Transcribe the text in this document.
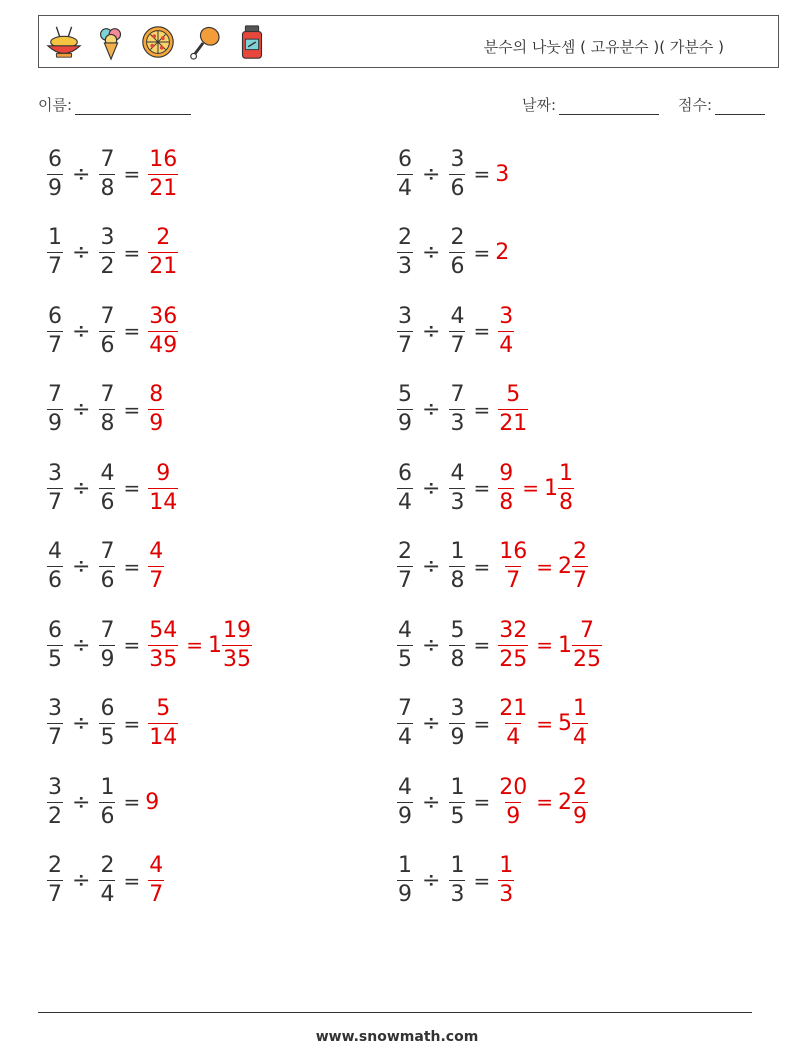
분수의 나눗셈 ( 고유분수 )( 가분수 )
이름:	날짜:	점수:
$\frac{6}{9} \div \frac{7}{8} = \frac{16}{21}$	$\frac{6}{4} \div \frac{3}{6} = 3$
$\frac{1}{7} \div \frac{3}{2} = \frac{2}{21}$	$\frac{2}{3} \div \frac{2}{6} = 2$
$\frac{6}{7} \div \frac{7}{6} = \frac{36}{49}$	$\frac{3}{7} \div \frac{4}{7} = \frac{3}{4}$
$\frac{7}{9} \div \frac{7}{8} = \frac{8}{9}$	$\frac{5}{9} \div \frac{7}{3} = \frac{5}{21}$
$\frac{3}{7} \div \frac{4}{6} = \frac{9}{14}$	$\frac{6}{4} \div \frac{4}{3} = \frac{9}{8} = 1 \frac{1}{8}$
$\frac{4}{6} \div \frac{7}{6} = \frac{4}{7}$	$\frac{2}{7} \div \frac{1}{8} = \frac{16}{7} = 2 \frac{2}{7}$
$\frac{6}{5} \div \frac{7}{9} = \frac{54}{35} = 1 \frac{19}{35}$	$\frac{4}{5} \div \frac{5}{8} = \frac{32}{25} = 1 \frac{7}{25}$
$\frac{3}{7} \div \frac{6}{5} = \frac{5}{14}$	$\frac{7}{4} \div \frac{3}{9} = \frac{21}{4} = 5 \frac{1}{4}$
$\frac{3}{2} \div \frac{1}{6} = 9$	$\frac{4}{9} \div \frac{1}{5} = \frac{20}{9} = 2 \frac{2}{9}$
$\frac{2}{7} \div \frac{2}{4} = \frac{4}{7}$	$\frac{1}{9} \div \frac{1}{3} = \frac{1}{3}$
www.snowmath.com
